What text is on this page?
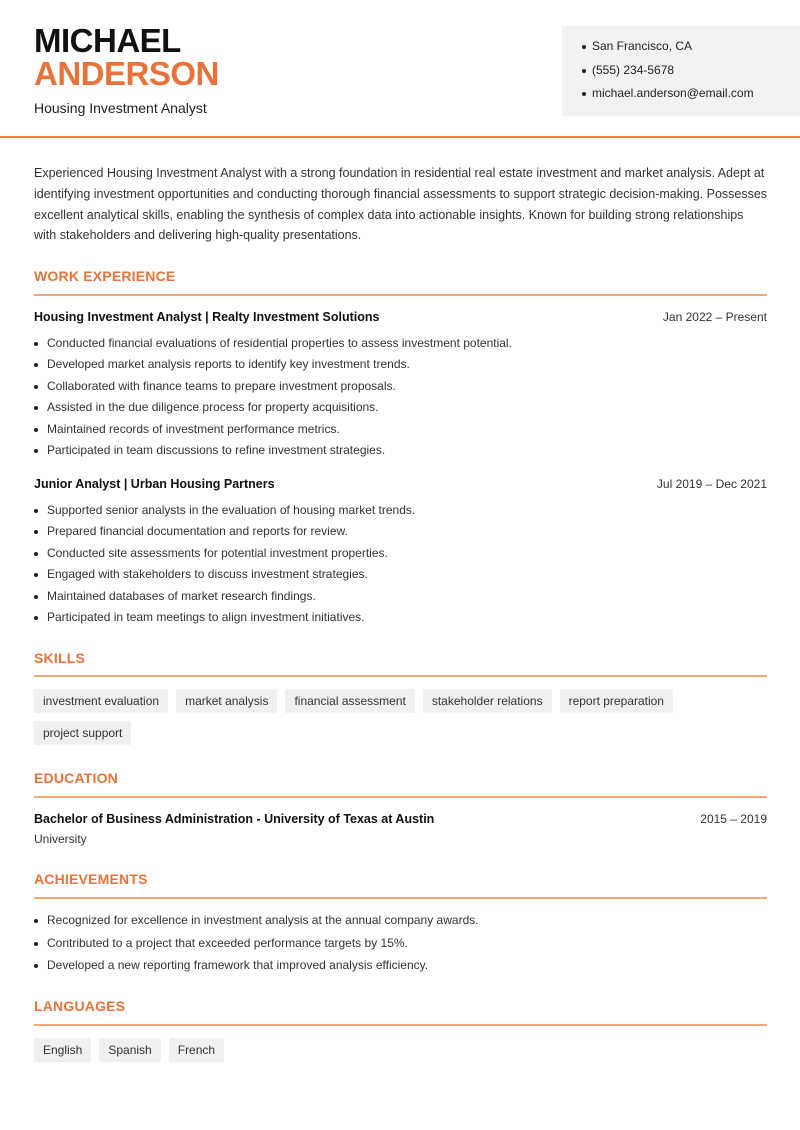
MICHAEL
ANDERSON
Housing Investment Analyst
San Francisco, CA
(555) 234-5678
michael.anderson@email.com

Experienced Housing Investment Analyst with a strong foundation in residential real estate investment and market analysis. Adept at identifying investment opportunities and conducting thorough financial assessments to support strategic decision-making. Possesses excellent analytical skills, enabling the synthesis of complex data into actionable insights. Known for building strong relationships with stakeholders and delivering high-quality presentations.

WORK EXPERIENCE
Housing Investment Analyst | Realty Investment Solutions	Jan 2022 – Present
Conducted financial evaluations of residential properties to assess investment potential.
Developed market analysis reports to identify key investment trends.
Collaborated with finance teams to prepare investment proposals.
Assisted in the due diligence process for property acquisitions.
Maintained records of investment performance metrics.
Participated in team discussions to refine investment strategies.
Junior Analyst | Urban Housing Partners	Jul 2019 – Dec 2021
Supported senior analysts in the evaluation of housing market trends.
Prepared financial documentation and reports for review.
Conducted site assessments for potential investment properties.
Engaged with stakeholders to discuss investment strategies.
Maintained databases of market research findings.
Participated in team meetings to align investment initiatives.
SKILLS
investment evaluation	market analysis	financial assessment	stakeholder relations	report preparation
project support
EDUCATION
Bachelor of Business Administration - University of Texas at Austin	2015 – 2019
University
ACHIEVEMENTS
Recognized for excellence in investment analysis at the annual company awards.
Contributed to a project that exceeded performance targets by 15%.
Developed a new reporting framework that improved analysis efficiency.
LANGUAGES
English	Spanish	French
